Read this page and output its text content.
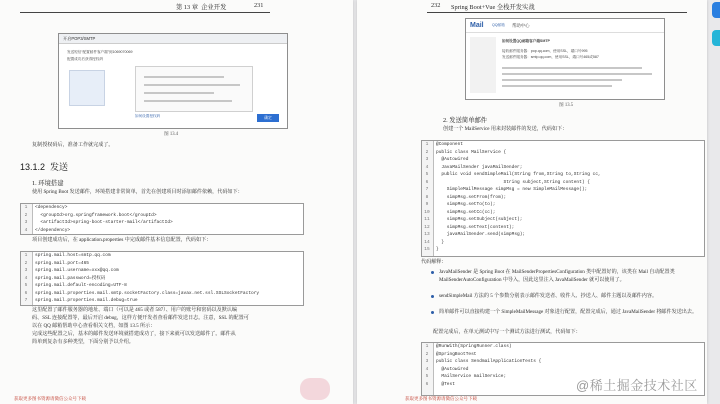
第 13 章 企业开发	231
开启POP3/SMTP
发送短信“配置邮件客户端”到1069070069
配置成功后获得授权码
如何设置授权码	确定
图 13.4
复制授权码后，准备工作就完成了。
13.1.2 发送
1. 环境搭建
使用 Spring Boot 发送邮件，环境搭建非常简单，首先在创建项目时添加邮件依赖，代码如下：
1	<dependency>
2	<groupId>org.springframework.boot</groupId>
3	<artifactId>spring-boot-starter-mail</artifactId>
4	</dependency>
项目创建成功后，在 application.properties 中完成邮件基本信息配置，代码如下：
1	spring.mail.host=smtp.qq.com
2	spring.mail.port=465
3	spring.mail.username=xxx@qq.com
4	spring.mail.password=授权码
5	spring.mail.default-encoding=UTF-8
6	spring.mail.properties.mail.smtp.socketFactory.class=javax.net.ssl.SSLSocketFactory
7	spring.mail.properties.mail.debug=true

这里配置了邮件服务器的地址、端口（可以是 465 或者 587）、用户的账号和密码以及默认编

码、SSL 连接配置等，最后开启 debug，这样方便开发者查看邮件发送日志。注意，SSL 的配置可

以在 QQ 邮箱帮助中心查看相关文档，如图 13.5 所示：

完成这些配置之后，基本的邮件发送环境就搭建成功了，接下来就可以发送邮件了。邮件从

简单到复杂有多种类型，下面分别予以介绍。

获取更多图书资源请微信公众号下载
232 Spring Boot+Vue 全栈开发实战
Mail QQ邮箱 帮助中心
如何设置QQ邮箱客户端SMTP
接收邮件服务器：pop.qq.com，使用SSL，端口号995
发送邮件服务器：smtp.qq.com，使用SSL，端口号465或587
图 13.5
2. 发送简单邮件
创建一个 MailService 用来封装邮件的发送，代码如下：
1	@Component
2	public class MailService {
3	@Autowired
4	JavaMailSender javaMailSender;
5	public void sendSimpleMail(String from,String to,String cc,
6	String subject,String content) {
7	SimpleMailMessage simpMsg = new SimpleMailMessage();
8	simpMsg.setFrom(from);
9	simpMsg.setTo(to);
10	simpMsg.setCc(cc);
11	simpMsg.setSubject(subject);
12	simpMsg.setText(content);
13	javaMailSender.send(simpMsg);
14	}
15	}
代码解释：
JavaMailSender 是 Spring Boot 在 MailSenderPropertiesConfiguration 类中配置好的，该类在 Mail 自动配置类 MailSenderAutoConfiguration 中导入，因此这里注入 JavaMailSender 就可以使用了。
sendSimpleMail 方法的 5 个参数分别表示邮件发送者、收件人、抄送人、邮件主题以及邮件内容。
简单邮件可以直接构建一个 SimpleMailMessage 对象进行配置，配置完成后，通过 JavaMailSender 将邮件发送出去。
配置完成后，在单元测试中写一个测试方法进行测试，代码如下：
1	@RunWith(SpringRunner.class)
2	@SpringBootTest
3	public class SendmailApplicationTests {
4	@Autowired
5	MailService mailService;
6	@Test
获取更多图书资源请微信公众号下载
@稀土掘金技术社区
